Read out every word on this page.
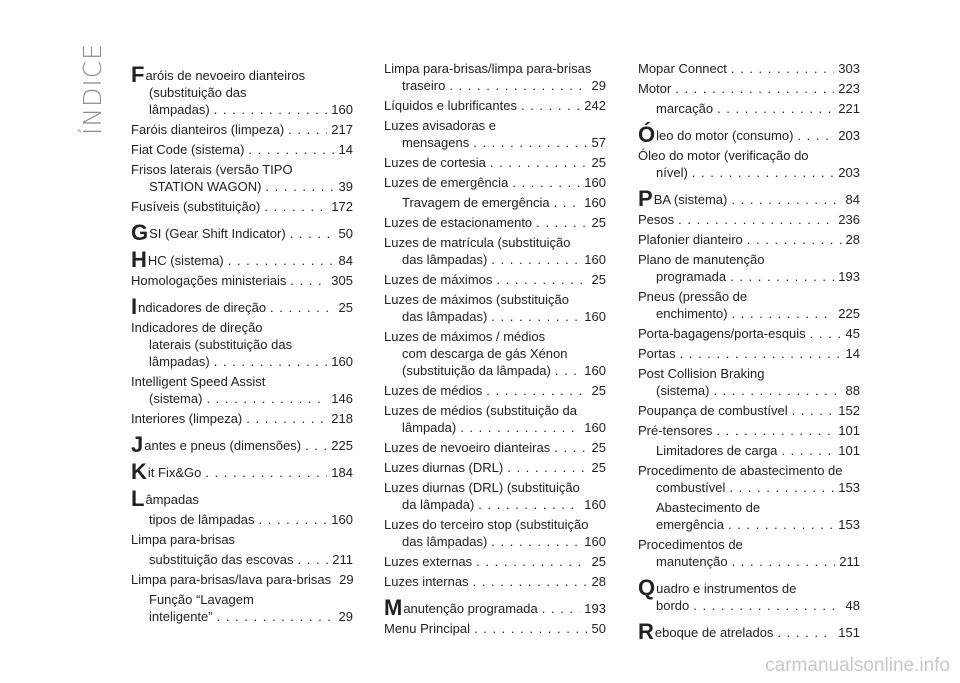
ÍNDICE F aróis de nevoeiro dianteiros
(substituição das
lâmpadas) . .	160
Faróis dianteiros (limpeza) . .	217
Fiat Code (sistema) . .	14
Frisos laterais (versão TIPO
STATION WAGON) . .	39
Fusíveis (substituição) . .	172
G SI (Gear Shift Indicator) . .	50
H HC (sistema) . .	84
Homologações ministeriais . .	305
I ndicadores de direção . .	25
Indicadores de direção
laterais (substituição das
lâmpadas) . .	160
Intelligent Speed Assist
(sistema) . .	146
Interiores (limpeza) . .	218
J antes e pneus (dimensões) . . 225
K it Fix&Go . .	184
L âmpadas
tipos de lâmpadas . .	160
Limpa para-brisas
substituição das escovas . .	211
Limpa para-brisas/lava para-brisas 29
Função “Lavagem
inteligente” . .	29
Limpa para-brisas/limpa para-brisas
traseiro . .	29
Líquidos e lubrificantes . .	242
Luzes avisadoras e
mensagens . .	57
Luzes de cortesia . .	25
Luzes de emergência . .	160
Travagem de emergência . .	160
Luzes de estacionamento . .	25
Luzes de matrícula (substituição
das lâmpadas) . .	160
Luzes de máximos . .	25
Luzes de máximos (substituição
das lâmpadas) . .	160
Luzes de máximos / médios
com descarga de gás Xénon
(substituição da lâmpada) . .	160
Luzes de médios . .	25
Luzes de médios (substituição da
lâmpada) . .	160
Luzes de nevoeiro dianteiras . .	25
Luzes diurnas (DRL) . .	25
Luzes diurnas (DRL) (substituição
da lâmpada) . .	160
Luzes do terceiro stop (substituição
das lâmpadas) . .	160
Luzes externas . .	25
Luzes internas . .	28
M anutenção programada . .	193
Menu Principal . .	50
Mopar Connect . .	303
Motor . .	223
marcação . .	221
Ó leo do motor (consumo) . .	203
Óleo do motor (verificação do
nível) . .	203
P BA (sistema) . .	84
Pesos . .	236
Plafonier dianteiro . .	28
Plano de manutenção
programada . .	193
Pneus (pressão de
enchimento) . .	225
Porta-bagagens/porta-esquis . .	45
Portas . .	14
Post Collision Braking
(sistema) . .	88
Poupança de combustível . .	152
Pré-tensores . .	101
Limitadores de carga . .	101
Procedimento de abastecimento de
combustível . .	153
Abastecimento de
emergência . .	153
Procedimentos de
manutenção . .	211
Q uadro e instrumentos de
bordo . .	48
R eboque de atrelados . .	151
carmanualsonline.info
